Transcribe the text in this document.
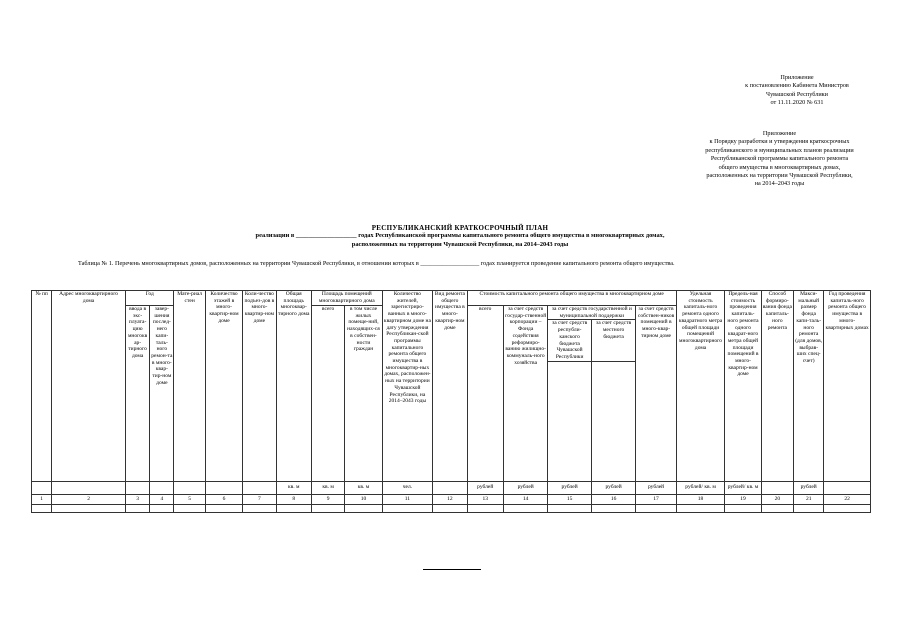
Приложение
к постановлению Кабинета Министров
Чувашской Республики
от 11.11.2020 № 631
Приложение
к Порядку разработки и утверждения краткосрочных
республиканского и муниципальных планов реализации
Республиканской программы капитального ремонта
общего имущества в многоквартирных домах,
расположенных на территории Чувашской Республики,
на 2014–2043 годы
РЕСПУБЛИКАНСКИЙ КРАТКОСРОЧНЫЙ ПЛАН
реализации в ___________________ годах Республиканской программы капитального ремонта общего имущества в многоквартирных домах,
расположенных на территории Чувашской Республики, на 2014–2043 годы
Таблица № 1. Перечень многоквартирных домов, расположенных на территории Чувашской Республики, в отношении которых в ___________________ годах планируется проведение капитального ремонта общего имущества.
№ пп	Адрес многоквартирного дома	Год		Мате-риал стен	Количество этажей в много-квартир-ном доме	Коли-чество подъез-дов в много-квартир-ном доме	Общая площадь многоквар-тирного дома	Площадь помещений многоквартирного дома		Количество жителей, зарегистриро-ванных в много-квартирном доме на дату утверждения Республикан-ской программы капитального ремонта общего имущества в многоквартир-ных домах, расположен-ных на территории Чувашской Республики, на 2014–2043 годы	Вид ремонта общего имущества в много-квартир-ном доме	Стоимость капитального ремонта общего имущества в многоквартирном доме					Удельная стоимость капиталь-ного ремонта одного квадратного метра общей площади помещений многоквартирного дома	Предель-ная стоимость проведения капиталь-ного ремонта одного квадрат-ного метра общей площади помещений в много-квартир-ном доме	Способ формиро-вания фонда капиталь-ного ремонта	Макси-мальный размер фонда капи-таль-ного ремонта (для домов, выбрав-ших спец-счет)	Год проведения капиталь-ного ремонта общего имущества в много-квартирных домах
		ввода в экс-плуата-цию многоквар-тирного дома	завер-шения послед-него капи-таль-ного ремон-та в много-квар-тир-ном доме					всего	в том числе жилых помеще-ний, находящих-ся в собствен-ности граждан			всего	за счет средств государ-ственной корпорации – Фонда содействия реформиро-ванию жилищно-коммуналь-ного хозяйства	за счет средств государственной и муниципальной поддержки		за счет средств собствен-ников помещений в много-квар-тирном доме					
														за счет средств республи-канского бюджета Чувашской Республики	за счет средств местного бюджета						

							кв. м	кв. м	кв. м	чел.		рублей	рублей	рублей	рублей	рублей	рублей/ кв. м	рублей/ кв. м		рублей	
1	2	3	4	5	6	7	8	9	10	11	12	13	14	15	16	17	18	19	20	21	22
